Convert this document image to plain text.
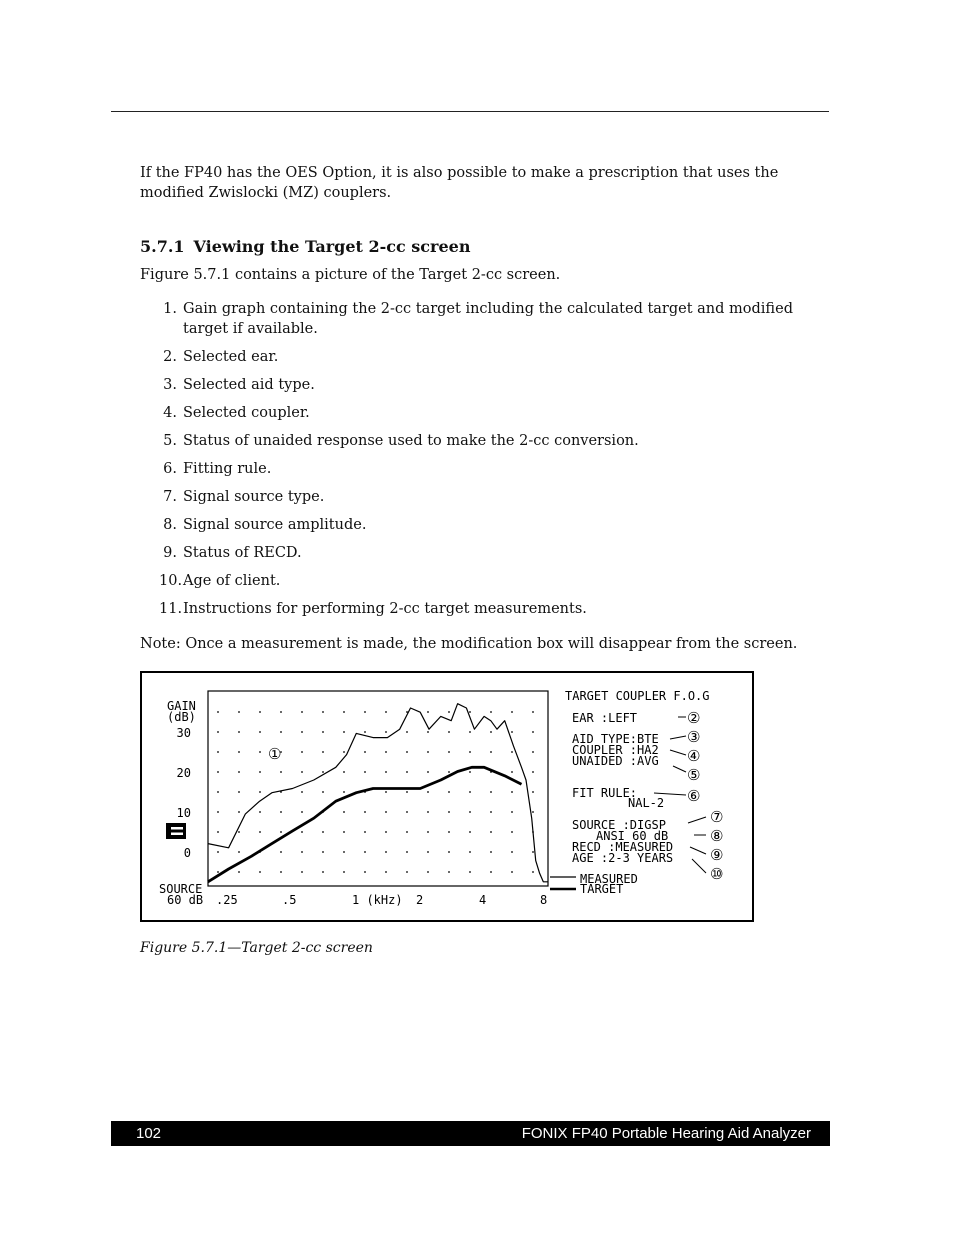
If the FP40 has the OES Option, it is also possible to make a prescription that uses the modified Zwislocki (MZ) couplers.

5.7.1 Viewing the Target 2-cc screen
Figure 5.7.1 contains a picture of the Target 2-cc screen.
1. Gain graph containing the 2-cc target including the calculated target and modified target if available.
2. Selected ear.
3. Selected aid type.
4. Selected coupler.
5. Status of unaided response used to make the 2-cc conversion.
6. Fitting rule.
7. Signal source type.
8. Signal source amplitude.
9. Status of RECD.
10. Age of client.
11. Instructions for performing 2-cc target measurements.
Note: Once a measurement is made, the modification box will disappear from the screen.
GAIN
(dB)
30
20
10
0
SOURCE
60 dB .25	.5	1 (kHz) 2	4	8
①
TARGET COUPLER F.O.G
EAR :LEFT
AID TYPE:BTE
COUPLER :HA2
UNAIDED :AVG
FIT RULE:
NAL-2
SOURCE :DIGSP
ANSI 60 dB
RECD :MEASURED
AGE :2-3 YEARS
MEASURED
TARGET
②
③
④
⑤
⑥
⑦
⑧
⑨
⑩
Figure 5.7.1—Target 2-cc screen
102	FONIX FP40 Portable Hearing Aid Analyzer
